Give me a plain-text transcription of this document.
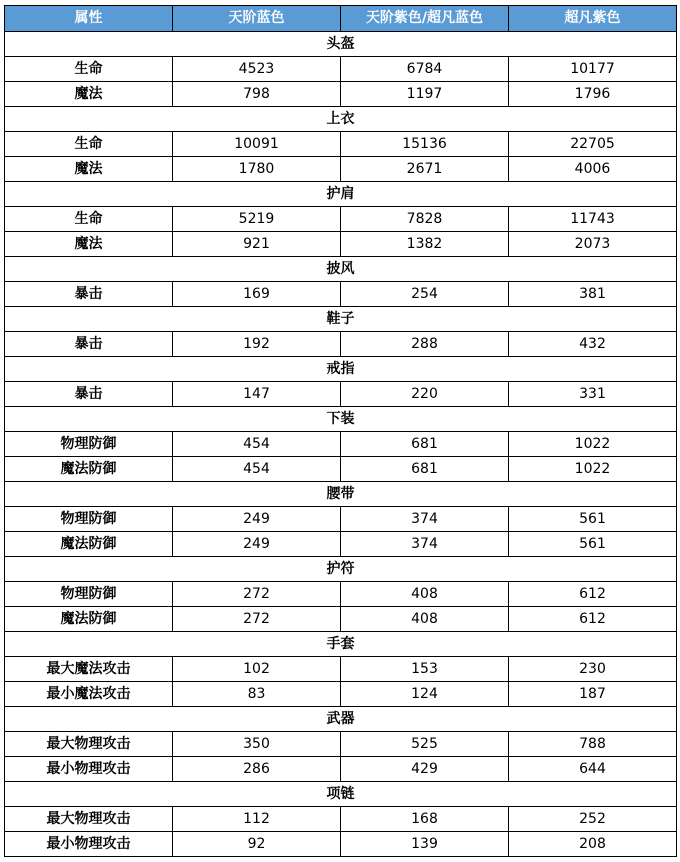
属性	天阶蓝色	天阶紫色/超凡蓝色	超凡紫色
头盔			
生命	4523	6784	10177
魔法	798	1197	1796
上衣			
生命	10091	15136	22705
魔法	1780	2671	4006
护肩			
生命	5219	7828	11743
魔法	921	1382	2073
披风			
暴击	169	254	381
鞋子			
暴击	192	288	432
戒指			
暴击	147	220	331
下装			
物理防御	454	681	1022
魔法防御	454	681	1022
腰带			
物理防御	249	374	561
魔法防御	249	374	561
护符			
物理防御	272	408	612
魔法防御	272	408	612
手套			
最大魔法攻击	102	153	230
最小魔法攻击	83	124	187
武器			
最大物理攻击	350	525	788
最小物理攻击	286	429	644
项链			
最大物理攻击	112	168	252
最小物理攻击	92	139	208
